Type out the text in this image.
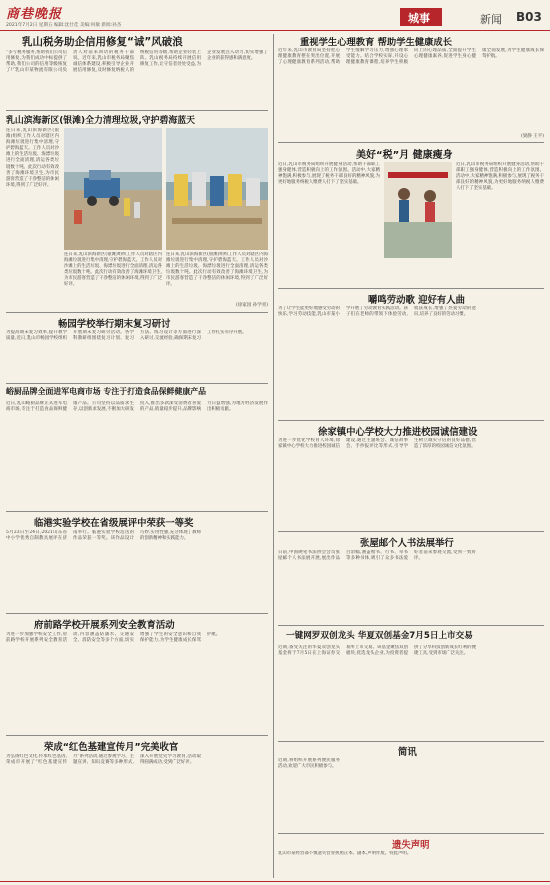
商巷晚报
2021年7月2日 星期五 编辑:沈仕佳 美编:何敏 新闻:孙杰
城事	新闻 B03
乳山税务助企信用修复“诚”风破浪
“多亏税务服务,帮助我们公司信用修复,为我们成功中标提供了帮助,我们公司的信用等级恢复了!”乳山市某物流有限公司负责人对前来回访的税务干部说。近年来,乳山市税务局聚焦诚信体系建设,积极引导企业开展信用修复,及时修复纳税人的纳税信用等级,帮助企业轻装上阵。乳山税务局持续开展信用修复工作,让守信者处处受益,为企业发展注入动力,切实增强了企业的获得感和满意度。
乳山滨海新区(银滩)全力清理垃圾,守护碧海蓝天
连日来,乳山滨海新区(银滩)组织工作人员对辖区内海滩垃圾进行集中清理,守护碧海蓝天。工作人员对沙滩上的生活垃圾、海漂垃圾进行全面清理,清运各类垃圾数十吨。此次行动有效改善了海滩环境卫生,为市民游客营造了干净整洁的休闲环境,得到了广泛好评。
连日来,乳山滨海新区(银滩)组织工作人员对辖区内海滩垃圾进行集中清理,守护碧海蓝天。工作人员对沙滩上的生活垃圾、海漂垃圾进行全面清理,清运各类垃圾数十吨。此次行动有效改善了海滩环境卫生,为市民游客营造了干净整洁的休闲环境,得到了广泛好评。
连日来,乳山滨海新区(银滩)组织工作人员对辖区内海滩垃圾进行集中清理,守护碧海蓝天。工作人员对沙滩上的生活垃圾、海漂垃圾进行全面清理,清运各类垃圾数十吨。此次行动有效改善了海滩环境卫生,为市民游客营造了干净整洁的休闲环境,得到了广泛好评。
(徐家园 孙学青)
畅园学校举行期末复习研讨
为提高期末复习效率,提升教学质量,近日,乳山市畅园学校组织开展期末复习研讨活动。各学科教研组围绕复习计划、复习方法、练习设计等方面进行深入研讨,交流经验,确保期末复习工作扎实有序开展。
峪厨品牌全面进军电商市场 专注于打造食品保鲜健康产品
近日,乳山峪厨品牌正式进军电商市场,专注于打造食品保鲜健康产品。公司坚持以品质求生存,以创新求发展,不断加大研发投入,推出多款深受消费者喜爱的产品,销量稳步提升,品牌影响力日益增强,为地方经济发展作出积极贡献。
临港实验学校在省级展评中荣获一等奖
5月23日至24日,2021山东省中小学优秀自制教具展评在济南举行。临港实验学校选送的作品荣获一等奖。该作品设计巧妙,实用性强,充分体现了教师的创新精神和实践能力。
府前路学校开展系列安全教育活动
为进一步加强学校安全工作,府前路学校开展系列安全教育活动,内容涵盖防溺水、交通安全、消防安全等多个方面,切实增强了学生的安全意识和自我保护能力,为学生健康成长保驾护航。
荣成“红色基建宣传月”完美收官
为弘扬红色文化,传承红色基因,荣成市开展了“红色基建宣传月”系列活动,通过参观学习、主题宣讲、知识竞赛等多种形式,深入开展党史学习教育,活动取得圆满成功,受到广泛好评。
重视学生心理教育 帮助学生健康成长
近年来,乳山市教育局坚持把心理健康教育摆在突出位置,开展了心理健康教育系列活动,帮助学生缓解学习压力,增强心理承受能力。结合学校实际,开设心理健康教育课程,培养学生积极向上的心理品质,全面提升学生心理健康素养,促进学生身心健康全面发展,为学生健康成长保驾护航。
(梁静 王平)
美好“税”月 健康瘦身
近日,乳山市税务局组织开展健身活动,帮助干部职工强身健体,营造积极向上的工作氛围。活动中,大家精神饱满,积极参与,展现了税务干部良好的精神风貌,为更好地服务纳税人缴费人打下了坚实基础。
近日,乳山市税务局组织开展健身活动,帮助干部职工强身健体,营造积极向上的工作氛围。活动中,大家精神饱满,积极参与,展现了税务干部良好的精神风貌,为更好地服务纳税人缴费人打下了坚实基础。
嚼鸣劳动歌 迎好有人曲
为了让学生能更好地感受劳动的快乐,学习劳动技能,乳山市某小学开展了劳动教育实践活动。孩子们在老师的带领下体验劳动,收获成长,增强了热爱劳动的意识,培养了良好的劳动习惯。
徐家镇中心学校大力推进校园诚信建设
为进一步优化学校育人环境,徐家镇中心学校大力推进校园诚信建设,通过主题班会、诚信故事会、手抄报评比等形式,引导学生树立诚实守信的良好品德,营造了浓厚的校园诚信文化氛围。
张屋邮个人书法展举行
日前,中国硬笔书法协会会员张屋邮个人书法展开展,展出作品百余幅,涵盖楷书、行书、草书等多种书体,吸引了众多书法爱好者前来参观交流,受到一致好评。
一键网罗双创龙头 华夏双创基金7月5日上市交易
近期,备受关注的华夏双创龙头基金将于7月5日在上海证券交易所上市交易。该基金聚焦双创板块,优选龙头企业,为投资者提供了分享科技创新成长红利的便捷工具,受到市场广泛关注。
简讯
近期,将组织开展系列便民服务活动,欢迎广大市民积极参与。
遗失声明
乳山市某经营部不慎遗失营业执照正本、副本,声明作废。特此声明。
